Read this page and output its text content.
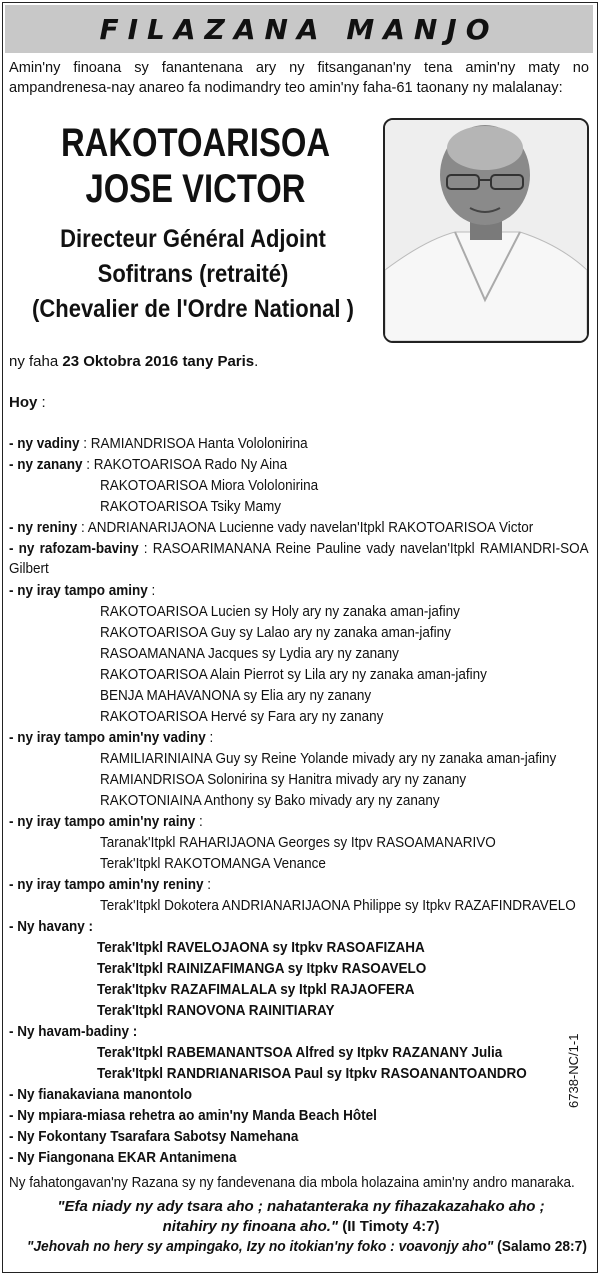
FILAZANA MANJO
Amin'ny finoana sy fanantenana ary ny fitsanganan'ny tena amin'ny maty no ampandrenesa-nay anareo fa nodimandry teo amin'ny faha-61 taonany ny malalanay:
RAKOTOARISOA
JOSE VICTOR
Directeur Général Adjoint
Sofitrans (retraité)
(Chevalier de l'Ordre National )
ny faha 23 Oktobra 2016 tany Paris.
Hoy :
- ny vadiny : RAMIANDRISOA Hanta Vololonirina
- ny zanany : RAKOTOARISOA Rado Ny Aina
RAKOTOARISOA Miora Vololonirina
RAKOTOARISOA Tsiky Mamy
- ny reniny : ANDRIANARIJAONA Lucienne vady navelan'Itpkl RAKOTOARISOA Victor
- ny rafozam-baviny : RASOARIMANANA Reine Pauline vady navelan'Itpkl RAMIANDRI-SOA Gilbert
- ny iray tampo aminy :
RAKOTOARISOA Lucien sy Holy ary ny zanaka aman-jafiny
RAKOTOARISOA Guy sy Lalao ary ny zanaka aman-jafiny
RASOAMANANA Jacques sy Lydia ary ny zanany
RAKOTOARISOA Alain Pierrot sy Lila ary ny zanaka aman-jafiny
BENJA MAHAVANONA sy Elia ary ny zanany
RAKOTOARISOA Hervé sy Fara ary ny zanany
- ny iray tampo amin'ny vadiny :
RAMILIARINIAINA Guy sy Reine Yolande mivady ary ny zanaka aman-jafiny
RAMIANDRISOA Solonirina sy Hanitra mivady ary ny zanany
RAKOTONIAINA Anthony sy Bako mivady ary ny zanany
- ny iray tampo amin'ny rainy :
Taranak'Itpkl RAHARIJAONA Georges sy Itpv RASOAMANARIVO
Terak'Itpkl RAKOTOMANGA Venance
- ny iray tampo amin'ny reniny :
Terak'Itpkl Dokotera ANDRIANARIJAONA Philippe sy Itpkv RAZAFINDRAVELO
- Ny havany :
Terak'Itpkl RAVELOJAONA sy Itpkv RASOAFIZAHA
Terak'Itpkl RAINIZAFIMANGA sy Itpkv RASOAVELO
Terak'Itpkv RAZAFIMALALA sy Itpkl RAJAOFERA
Terak'Itpkl RANOVONA RAINITIARAY
- Ny havam-badiny :
Terak'Itpkl RABEMANANTSOA Alfred sy Itpkv RAZANANY Julia
Terak'Itpkl RANDRIANARISOA Paul sy Itpkv RASOANANTOANDRO
- Ny fianakaviana manontolo
- Ny mpiara-miasa rehetra ao amin'ny Manda Beach Hôtel
- Ny Fokontany Tsarafara Sabotsy Namehana
- Ny Fiangonana EKAR Antanimena
Ny fahatongavan'ny Razana sy ny fandevenana dia mbola holazaina amin'ny andro manaraka.
"Efa niady ny ady tsara aho ; nahatanteraka ny fihazakazahako aho ;
nitahiry ny finoana aho." (II Timoty 4:7)
"Jehovah no hery sy ampingako, Izy no itokian'ny foko : voavonjy aho" (Salamo 28:7)
6738-NC/1-1
